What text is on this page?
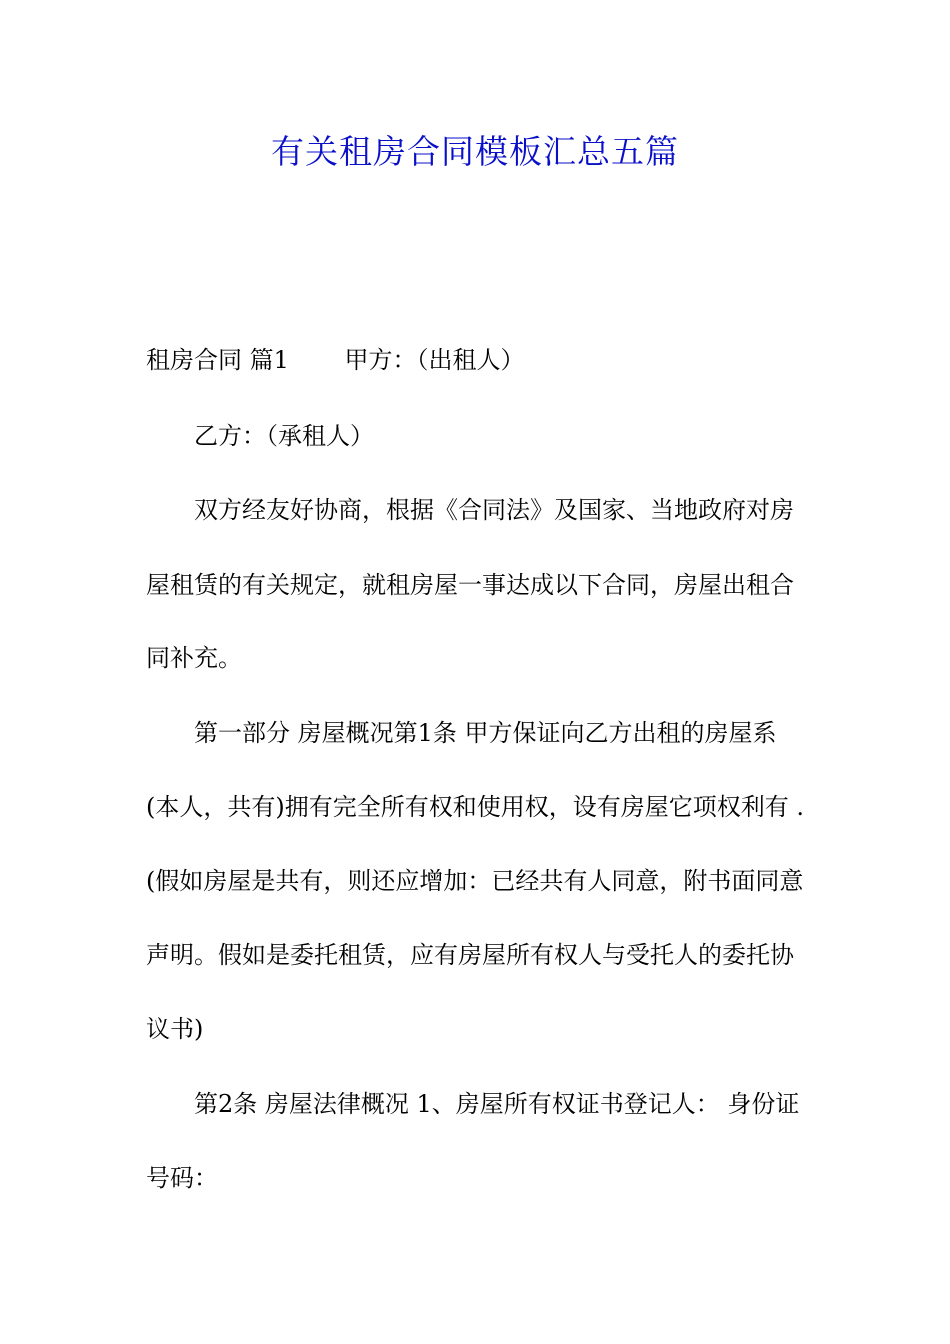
有关租房合同模板汇总五篇
租房合同 篇1　　 甲方：（出租人）
乙方：（承租人）
双方经友好协商，根据《合同法》及国家、当地政府对房
屋租赁的有关规定，就租房屋一事达成以下合同，房屋出租合
同补充。
第一部分 房屋概况第1条 甲方保证向乙方出租的房屋系
(本人，共有)拥有完全所有权和使用权，设有房屋它项权利有 .
(假如房屋是共有，则还应增加：已经共有人同意，附书面同意
声明。假如是委托租赁，应有房屋所有权人与受托人的委托协
议书)
第2条 房屋法律概况 1、房屋所有权证书登记人： 身份证
号码：
